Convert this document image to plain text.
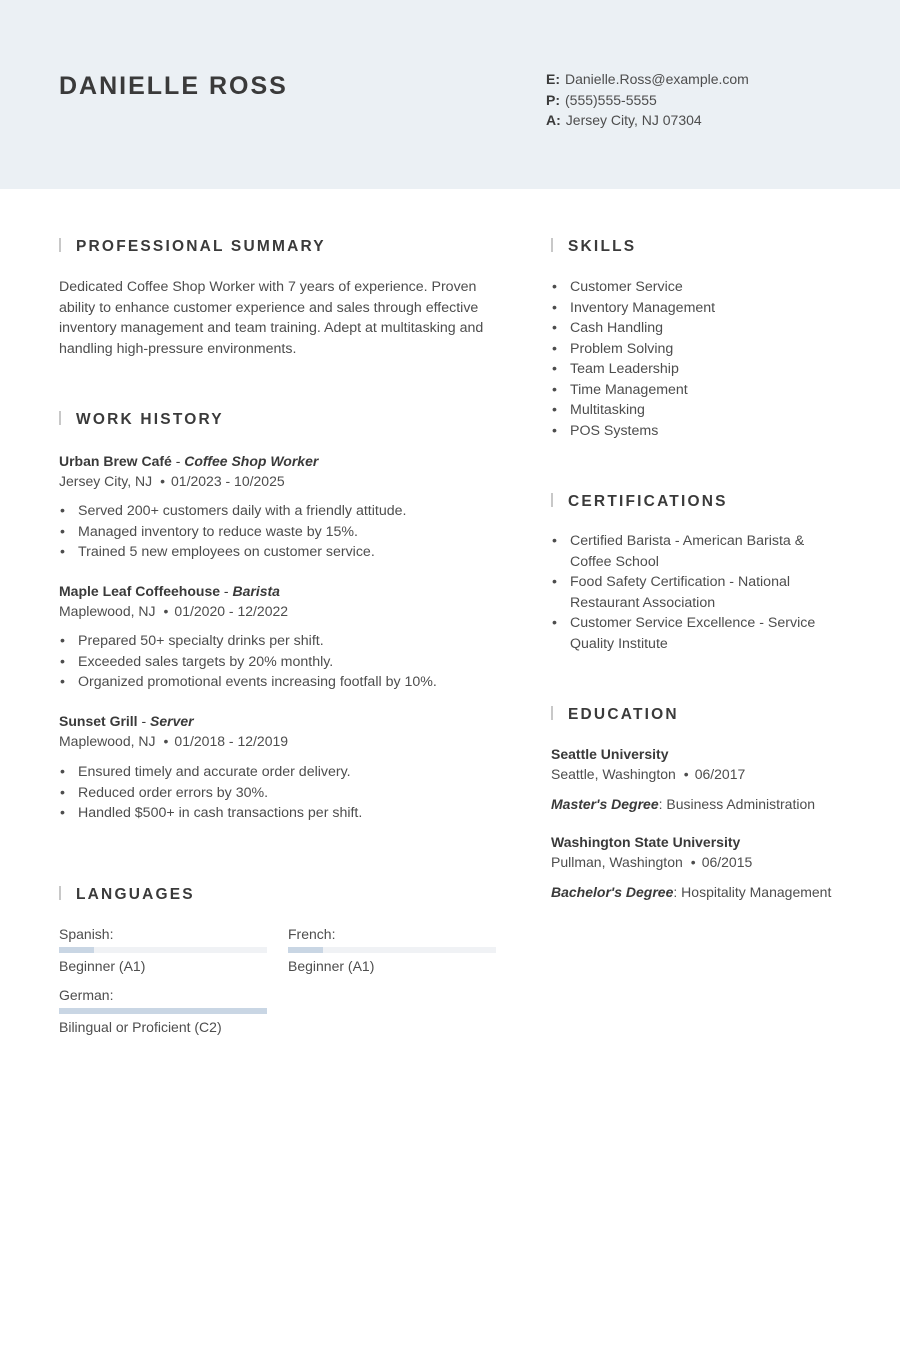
DANIELLE ROSS	E: Danielle.Ross@example.com
P: (555)555-5555
A: Jersey City, NJ 07304
PROFESSIONAL SUMMARY
Dedicated Coffee Shop Worker with 7 years of experience. Proven ability to enhance customer experience and sales through effective inventory management and team training. Adept at multitasking and handling high-pressure environments.
WORK HISTORY
Urban Brew Café - Coffee Shop Worker
Jersey City, NJ • 01/2023 - 10/2025
• Served 200+ customers daily with a friendly attitude.
• Managed inventory to reduce waste by 15%.
• Trained 5 new employees on customer service.
Maple Leaf Coffeehouse - Barista
Maplewood, NJ • 01/2020 - 12/2022
• Prepared 50+ specialty drinks per shift.
• Exceeded sales targets by 20% monthly.
• Organized promotional events increasing footfall by 10%.
Sunset Grill - Server
Maplewood, NJ • 01/2018 - 12/2019
• Ensured timely and accurate order delivery.
• Reduced order errors by 30%.
• Handled $500+ in cash transactions per shift.
LANGUAGES
Spanish:
Beginner (A1)
French:
Beginner (A1)
German:
Bilingual or Proficient (C2)
SKILLS
• Customer Service
• Inventory Management
• Cash Handling
• Problem Solving
• Team Leadership
• Time Management
• Multitasking
• POS Systems
CERTIFICATIONS
• Certified Barista - American Barista & Coffee School
• Food Safety Certification - National Restaurant Association
• Customer Service Excellence - Service Quality Institute
EDUCATION
Seattle University
Seattle, Washington • 06/2017
Master's Degree: Business Administration
Washington State University
Pullman, Washington • 06/2015
Bachelor's Degree: Hospitality Management
